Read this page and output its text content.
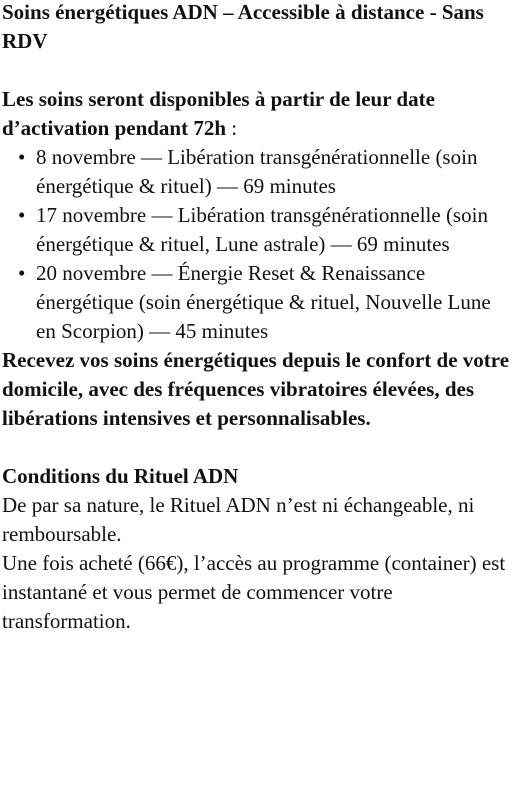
Soins énergétiques ADN – Accessible à distance - Sans RDV

Les soins seront disponibles à partir de leur date d’activation pendant 72h :

• 8 novembre — Libération transgénérationnelle (soin énergétique & rituel) — 69 minutes
• 17 novembre — Libération transgénérationnelle (soin énergétique & rituel, Lune astrale) — 69 minutes
• 20 novembre — Énergie Reset & Renaissance énergétique (soin énergétique & rituel, Nouvelle Lune en Scorpion) — 45 minutes

Recevez vos soins énergétiques depuis le confort de votre domicile, avec des fréquences vibratoires élevées, des libérations intensives et personnalisables.

Conditions du Rituel ADN

De par sa nature, le Rituel ADN n’est ni échangeable, ni remboursable.

Une fois acheté (66€), l’accès au programme (container) est instantané et vous permet de commencer votre transformation.
